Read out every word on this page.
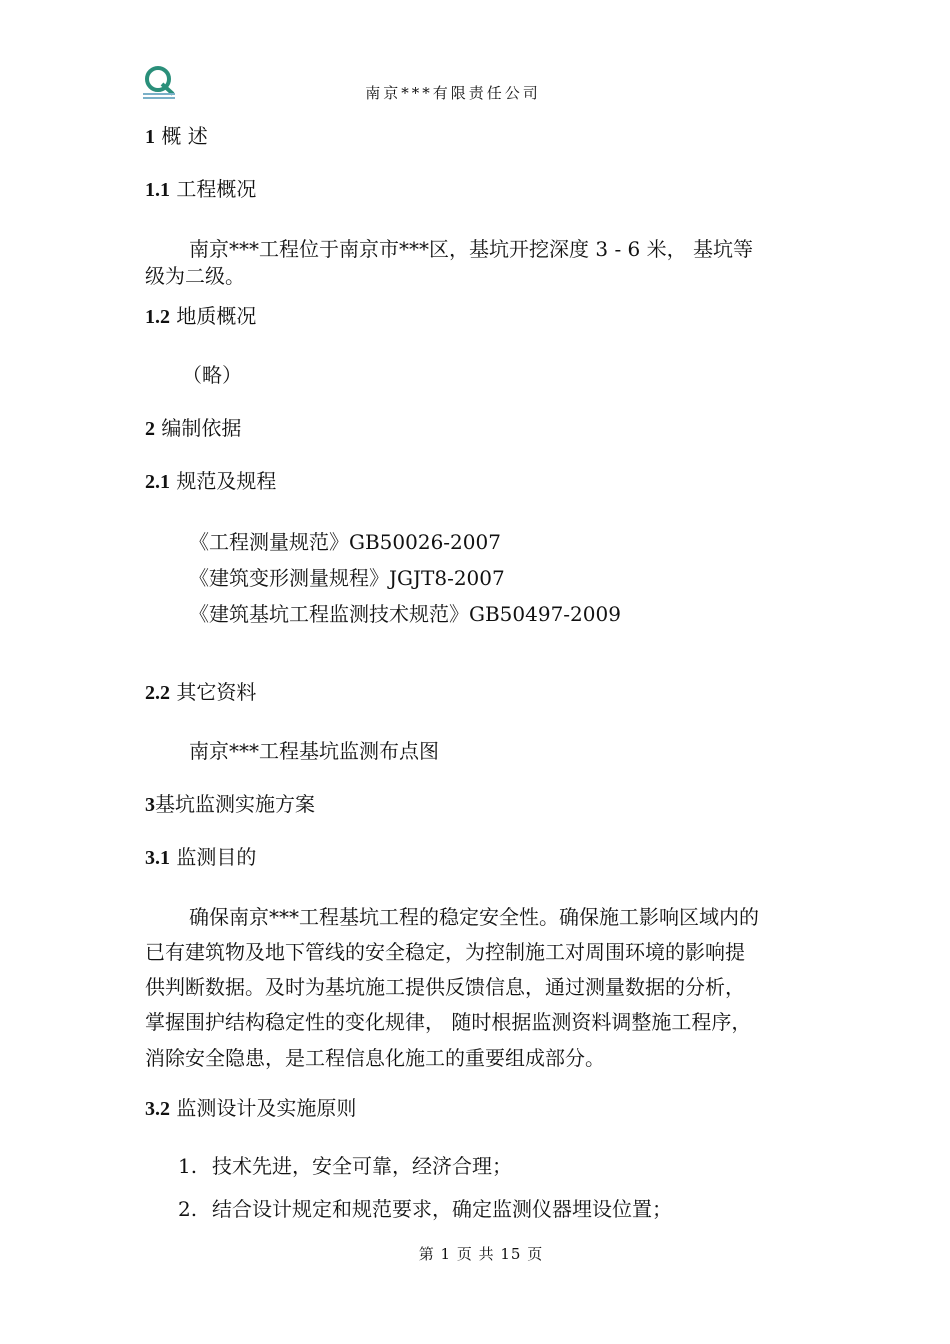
南京***有限责任公司
1 概 述
1.1 工程概况
南京***工程位于南京市***区，基坑开挖深度 3 - 6 米， 基坑等
级为二级。
1.2 地质概况
（略）
2 编制依据
2.1 规范及规程
《工程测量规范》GB50026-2007
《建筑变形测量规程》JGJT8-2007
《建筑基坑工程监测技术规范》GB50497-2009
2.2 其它资料
南京***工程基坑监测布点图
3基坑监测实施方案
3.1 监测目的
确保南京***工程基坑工程的稳定安全性。确保施工影响区域内的
已有建筑物及地下管线的安全稳定，为控制施工对周围环境的影响提
供判断数据。及时为基坑施工提供反馈信息，通过测量数据的分析，
掌握围护结构稳定性的变化规律， 随时根据监测资料调整施工程序，
消除安全隐患，是工程信息化施工的重要组成部分。
3.2 监测设计及实施原则
1. 技术先进，安全可靠，经济合理；
2. 结合设计规定和规范要求，确定监测仪器埋设位置；
第 1 页 共 15 页
